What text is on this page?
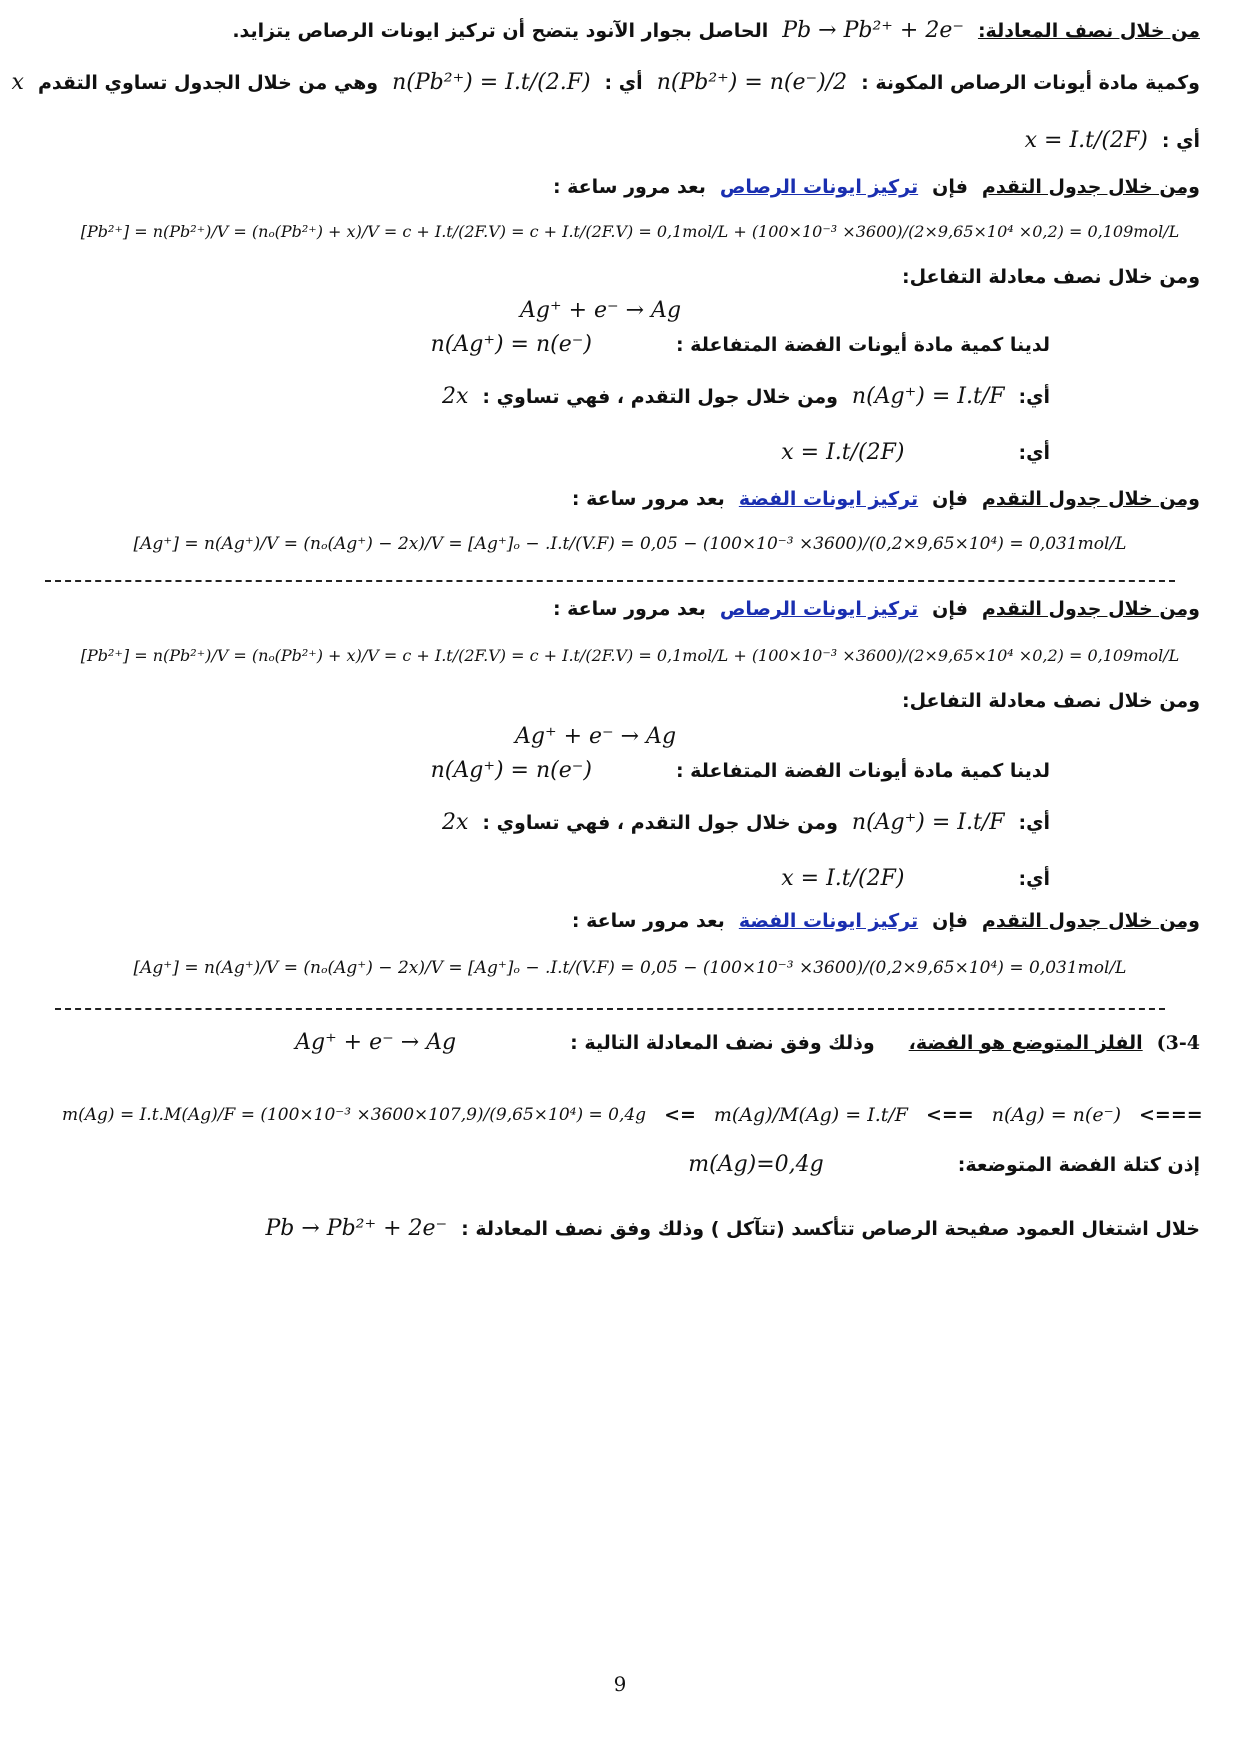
من خلال نصف المعادلة:
Pb → Pb²⁺ + 2e⁻
الحاصل بجوار الآنود يتضح أن تركيز ايونات الرصاص يتزايد.
وكمية مادة أيونات الرصاص المكونة :
n(Pb²⁺) = n(e⁻)/2
أي :
n(Pb²⁺) = I.t/(2.F)
وهي من خلال الجدول تساوي التقدم
x
أي :
x = I.t/(2F)
ومن خلال جدول التقدم
فإن
تركيز ايونات الرصاص
بعد مرور ساعة :
[Pb²⁺] = n(Pb²⁺)/V = (nₒ(Pb²⁺) + x)/V = c + I.t/(2F.V) = c + I.t/(2F.V) = 0,1mol/L + (100×10⁻³ ×3600)/(2×9,65×10⁴ ×0,2) = 0,109mol/L
ومن خلال نصف معادلة التفاعل:
Ag⁺ + e⁻ → Ag
لدينا كمية مادة أيونات الفضة المتفاعلة :
n(Ag⁺) = n(e⁻)
أي:
n(Ag⁺) = I.t/F
ومن خلال جول التقدم ، فهي تساوي :
2x
أي:
x = I.t/(2F)
ومن خلال جدول التقدم
فإن
تركيز ايونات الفضة
بعد مرور ساعة :
[Ag⁺] = n(Ag⁺)/V = (nₒ(Ag⁺) − 2x)/V = [Ag⁺]ₒ − .I.t/(V.F) = 0,05 − (100×10⁻³ ×3600)/(0,2×9,65×10⁴) = 0,031mol/L
ومن خلال جدول التقدم
فإن
تركيز ايونات الرصاص
بعد مرور ساعة :
[Pb²⁺] = n(Pb²⁺)/V = (nₒ(Pb²⁺) + x)/V = c + I.t/(2F.V) = c + I.t/(2F.V) = 0,1mol/L + (100×10⁻³ ×3600)/(2×9,65×10⁴ ×0,2) = 0,109mol/L
ومن خلال نصف معادلة التفاعل:
Ag⁺ + e⁻ → Ag
لدينا كمية مادة أيونات الفضة المتفاعلة :
n(Ag⁺) = n(e⁻)
أي:
n(Ag⁺) = I.t/F
ومن خلال جول التقدم ، فهي تساوي :
2x
أي:
x = I.t/(2F)
ومن خلال جدول التقدم
فإن
تركيز ايونات الفضة
بعد مرور ساعة :
[Ag⁺] = n(Ag⁺)/V = (nₒ(Ag⁺) − 2x)/V = [Ag⁺]ₒ − .I.t/(V.F) = 0,05 − (100×10⁻³ ×3600)/(0,2×9,65×10⁴) = 0,031mol/L
3-4)
الفلز المتوضع هو الفضة،
وذلك وفق نضف المعادلة التالية :
Ag⁺ + e⁻ → Ag
m(Ag) = I.t.M(Ag)/F = (100×10⁻³ ×3600×107,9)/(9,65×10⁴) = 0,4g <= m(Ag)/M(Ag) = I.t/F <== n(Ag) = n(e⁻) <===
إذن كتلة الفضة المتوضعة:
m(Ag)=0,4g
خلال اشتغال العمود صفيحة الرصاص تتأكسد (تتآكل ) وذلك وفق نصف المعادلة :
Pb → Pb²⁺ + 2e⁻
9
